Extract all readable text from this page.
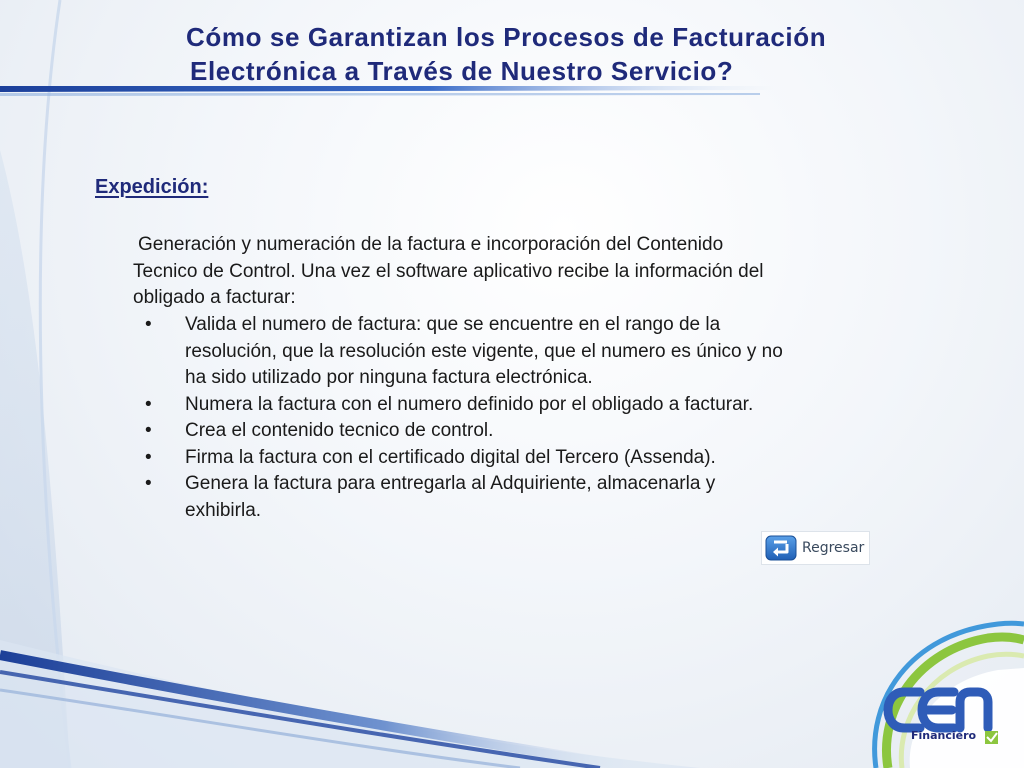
Cómo se Garantizan los Procesos de Facturación
Electrónica a Través de Nuestro Servicio?
Expedición:

Generación y numeración de la factura e incorporación del Contenido
Tecnico de Control. Una vez el software aplicativo recibe la información del
obligado a facturar:

• Valida el numero de factura: que se encuentre en el rango de la
resolución, que la resolución este vigente, que el numero es único y no
ha sido utilizado por ninguna factura electrónica.
• Numera la factura con el numero definido por el obligado a facturar.
• Crea el contenido tecnico de control.
• Firma la factura con el certificado digital del Tercero (Assenda).
• Genera la factura para entregarla al Adquiriente, almacenarla y
exhibirla.
Regresar
Financiero
